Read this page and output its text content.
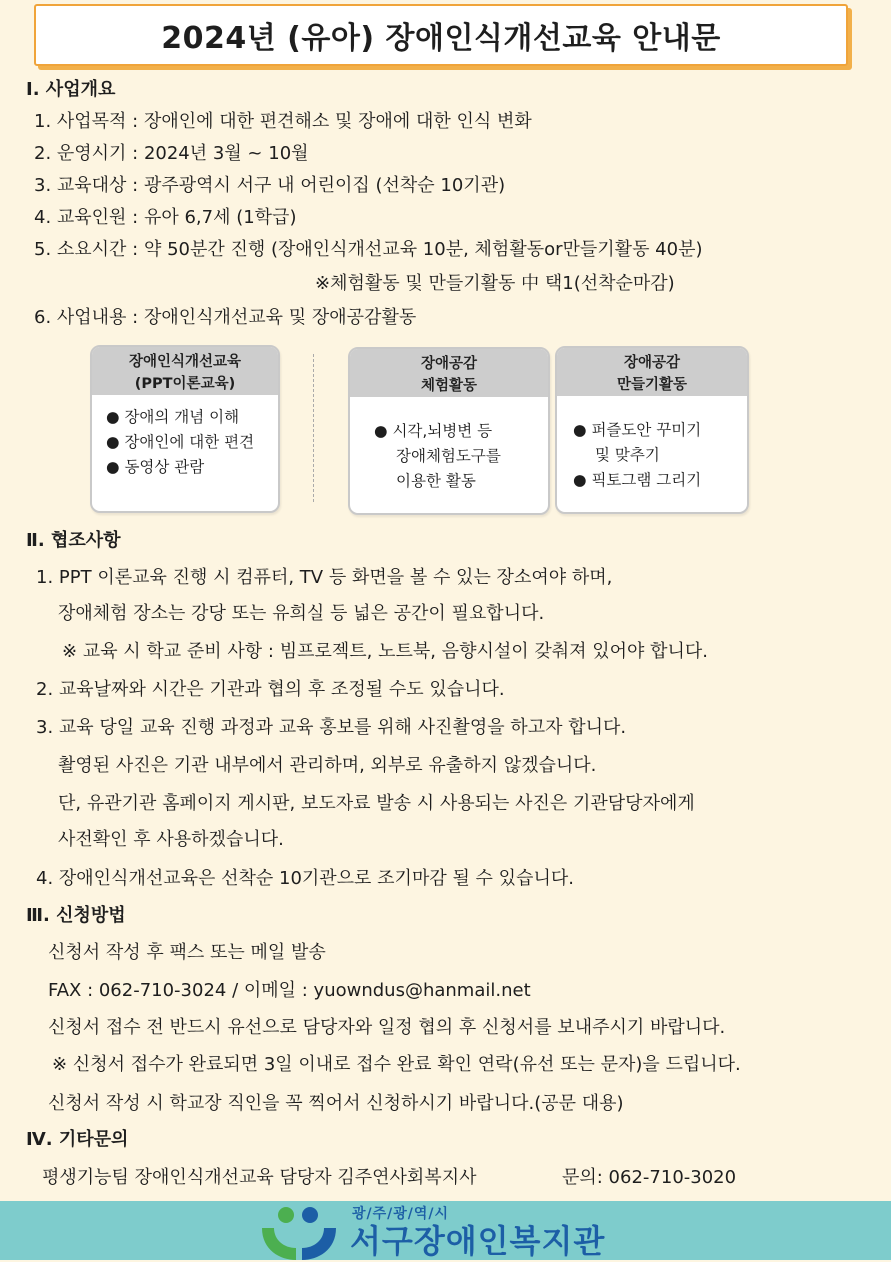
2024년 (유아) 장애인식개선교육 안내문
Ⅰ. 사업개요
1. 사업목적 : 장애인에 대한 편견해소 및 장애에 대한 인식 변화
2. 운영시기 : 2024년 3월 ~ 10월
3. 교육대상 : 광주광역시 서구 내 어린이집 (선착순 10기관)
4. 교육인원 : 유아 6,7세 (1학급)
5. 소요시간 : 약 50분간 진행 (장애인식개선교육 10분, 체험활동or만들기활동 40분)
※체험활동 및 만들기활동 中 택1(선착순마감)
6. 사업내용 : 장애인식개선교육 및 장애공감활동
장애인식개선교육
(PPT이론교육)
● 장애의 개념 이해
● 장애인에 대한 편견
● 동영상 관람
장애공감
체험활동
● 시각,뇌병변 등
장애체험도구를
이용한 활동
장애공감
만들기활동
● 퍼즐도안 꾸미기
및 맞추기
● 픽토그램 그리기
Ⅱ. 협조사항
1. PPT 이론교육 진행 시 컴퓨터, TV 등 화면을 볼 수 있는 장소여야 하며,
장애체험 장소는 강당 또는 유희실 등 넓은 공간이 필요합니다.
※ 교육 시 학교 준비 사항 : 빔프로젝트, 노트북, 음향시설이 갖춰져 있어야 합니다.
2. 교육날짜와 시간은 기관과 협의 후 조정될 수도 있습니다.
3. 교육 당일 교육 진행 과정과 교육 홍보를 위해 사진촬영을 하고자 합니다.
촬영된 사진은 기관 내부에서 관리하며, 외부로 유출하지 않겠습니다.
단, 유관기관 홈페이지 게시판, 보도자료 발송 시 사용되는 사진은 기관담당자에게
사전확인 후 사용하겠습니다.
4. 장애인식개선교육은 선착순 10기관으로 조기마감 될 수 있습니다.
Ⅲ. 신청방법
신청서 작성 후 팩스 또는 메일 발송
FAX : 062-710-3024 / 이메일 : yuowndus@hanmail.net
신청서 접수 전 반드시 유선으로 담당자와 일정 협의 후 신청서를 보내주시기 바랍니다.
※ 신청서 접수가 완료되면 3일 이내로 접수 완료 확인 연락(유선 또는 문자)을 드립니다.
신청서 작성 시 학교장 직인을 꼭 찍어서 신청하시기 바랍니다.(공문 대용)
Ⅳ. 기타문의
평생기능팀 장애인식개선교육 담당자 김주연사회복지사	문의: 062-710-3020
광/주/광/역/시
서구장애인복지관
